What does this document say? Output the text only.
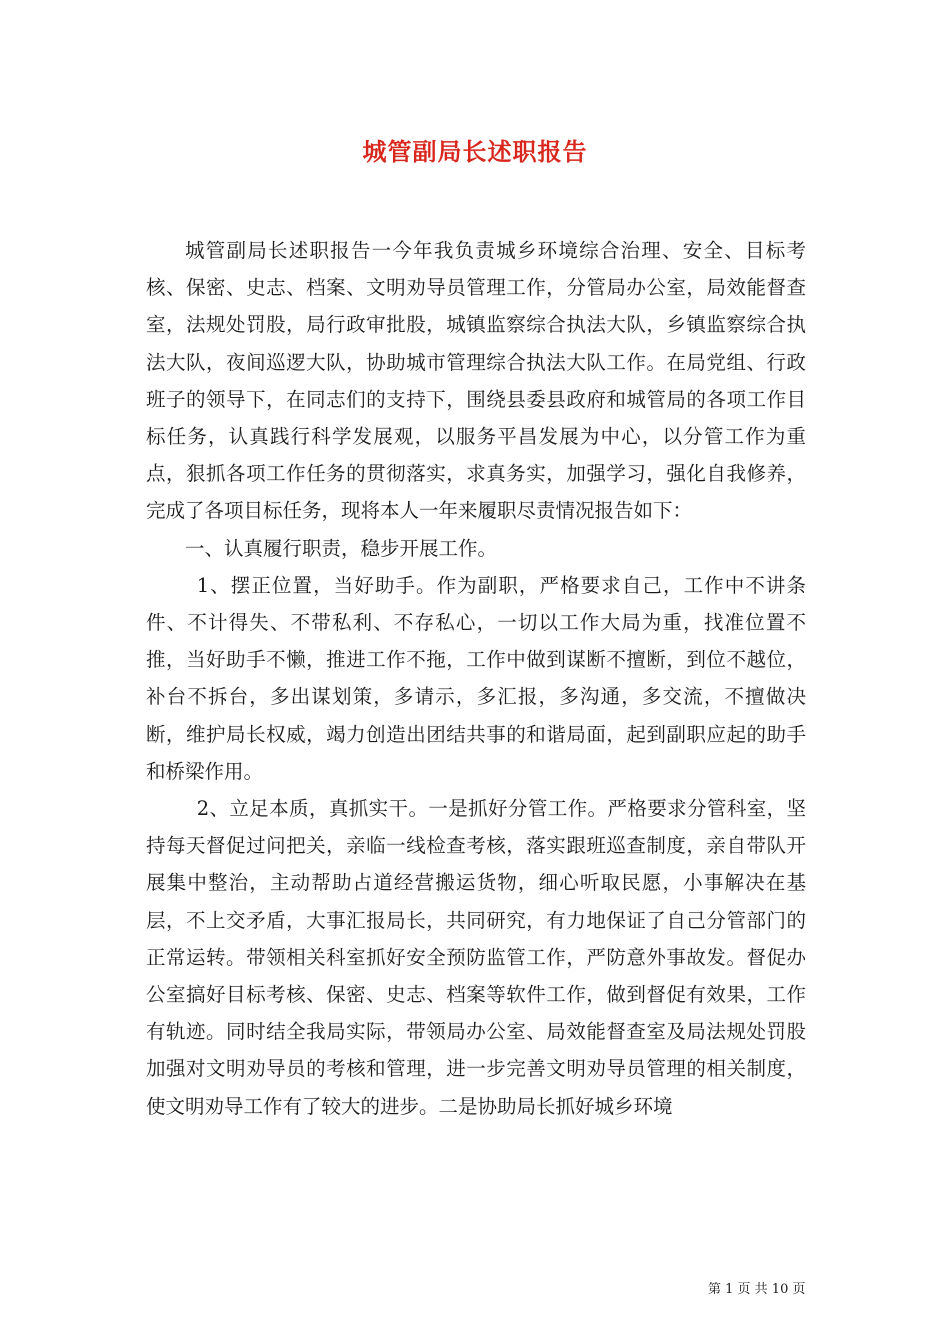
城管副局长述职报告

城管副局长述职报告一今年我负责城乡环境综合治理、安全、目标考核、保密、史志、档案、文明劝导员管理工作，分管局办公室，局效能督查室，法规处罚股，局行政审批股，城镇监察综合执法大队，乡镇监察综合执法大队，夜间巡逻大队，协助城市管理综合执法大队工作。在局党组、行政班子的领导下，在同志们的支持下，围绕县委县政府和城管局的各项工作目标任务，认真践行科学发展观，以服务平昌发展为中心，以分管工作为重点，狠抓各项工作任务的贯彻落实，求真务实，加强学习，强化自我修养，完成了各项目标任务，现将本人一年来履职尽责情况报告如下：

一、认真履行职责，稳步开展工作。

1、摆正位置，当好助手。作为副职，严格要求自己，工作中不讲条件、不计得失、不带私利、不存私心，一切以工作大局为重，找准位置不推，当好助手不懒，推进工作不拖，工作中做到谋断不擅断，到位不越位，补台不拆台，多出谋划策，多请示，多汇报，多沟通，多交流，不擅做决断，维护局长权威，竭力创造出团结共事的和谐局面，起到副职应起的助手和桥梁作用。

2、立足本质，真抓实干。一是抓好分管工作。严格要求分管科室，坚持每天督促过问把关，亲临一线检查考核，落实跟班巡查制度，亲自带队开展集中整治，主动帮助占道经营搬运货物，细心听取民愿，小事解决在基层，不上交矛盾，大事汇报局长，共同研究，有力地保证了自己分管部门的正常运转。带领相关科室抓好安全预防监管工作，严防意外事故发。督促办公室搞好目标考核、保密、史志、档案等软件工作，做到督促有效果，工作有轨迹。同时结全我局实际，带领局办公室、局效能督查室及局法规处罚股加强对文明劝导员的考核和管理，进一步完善文明劝导员管理的相关制度，使文明劝导工作有了较大的进步。二是协助局长抓好城乡环境

第 1 页 共 10 页
